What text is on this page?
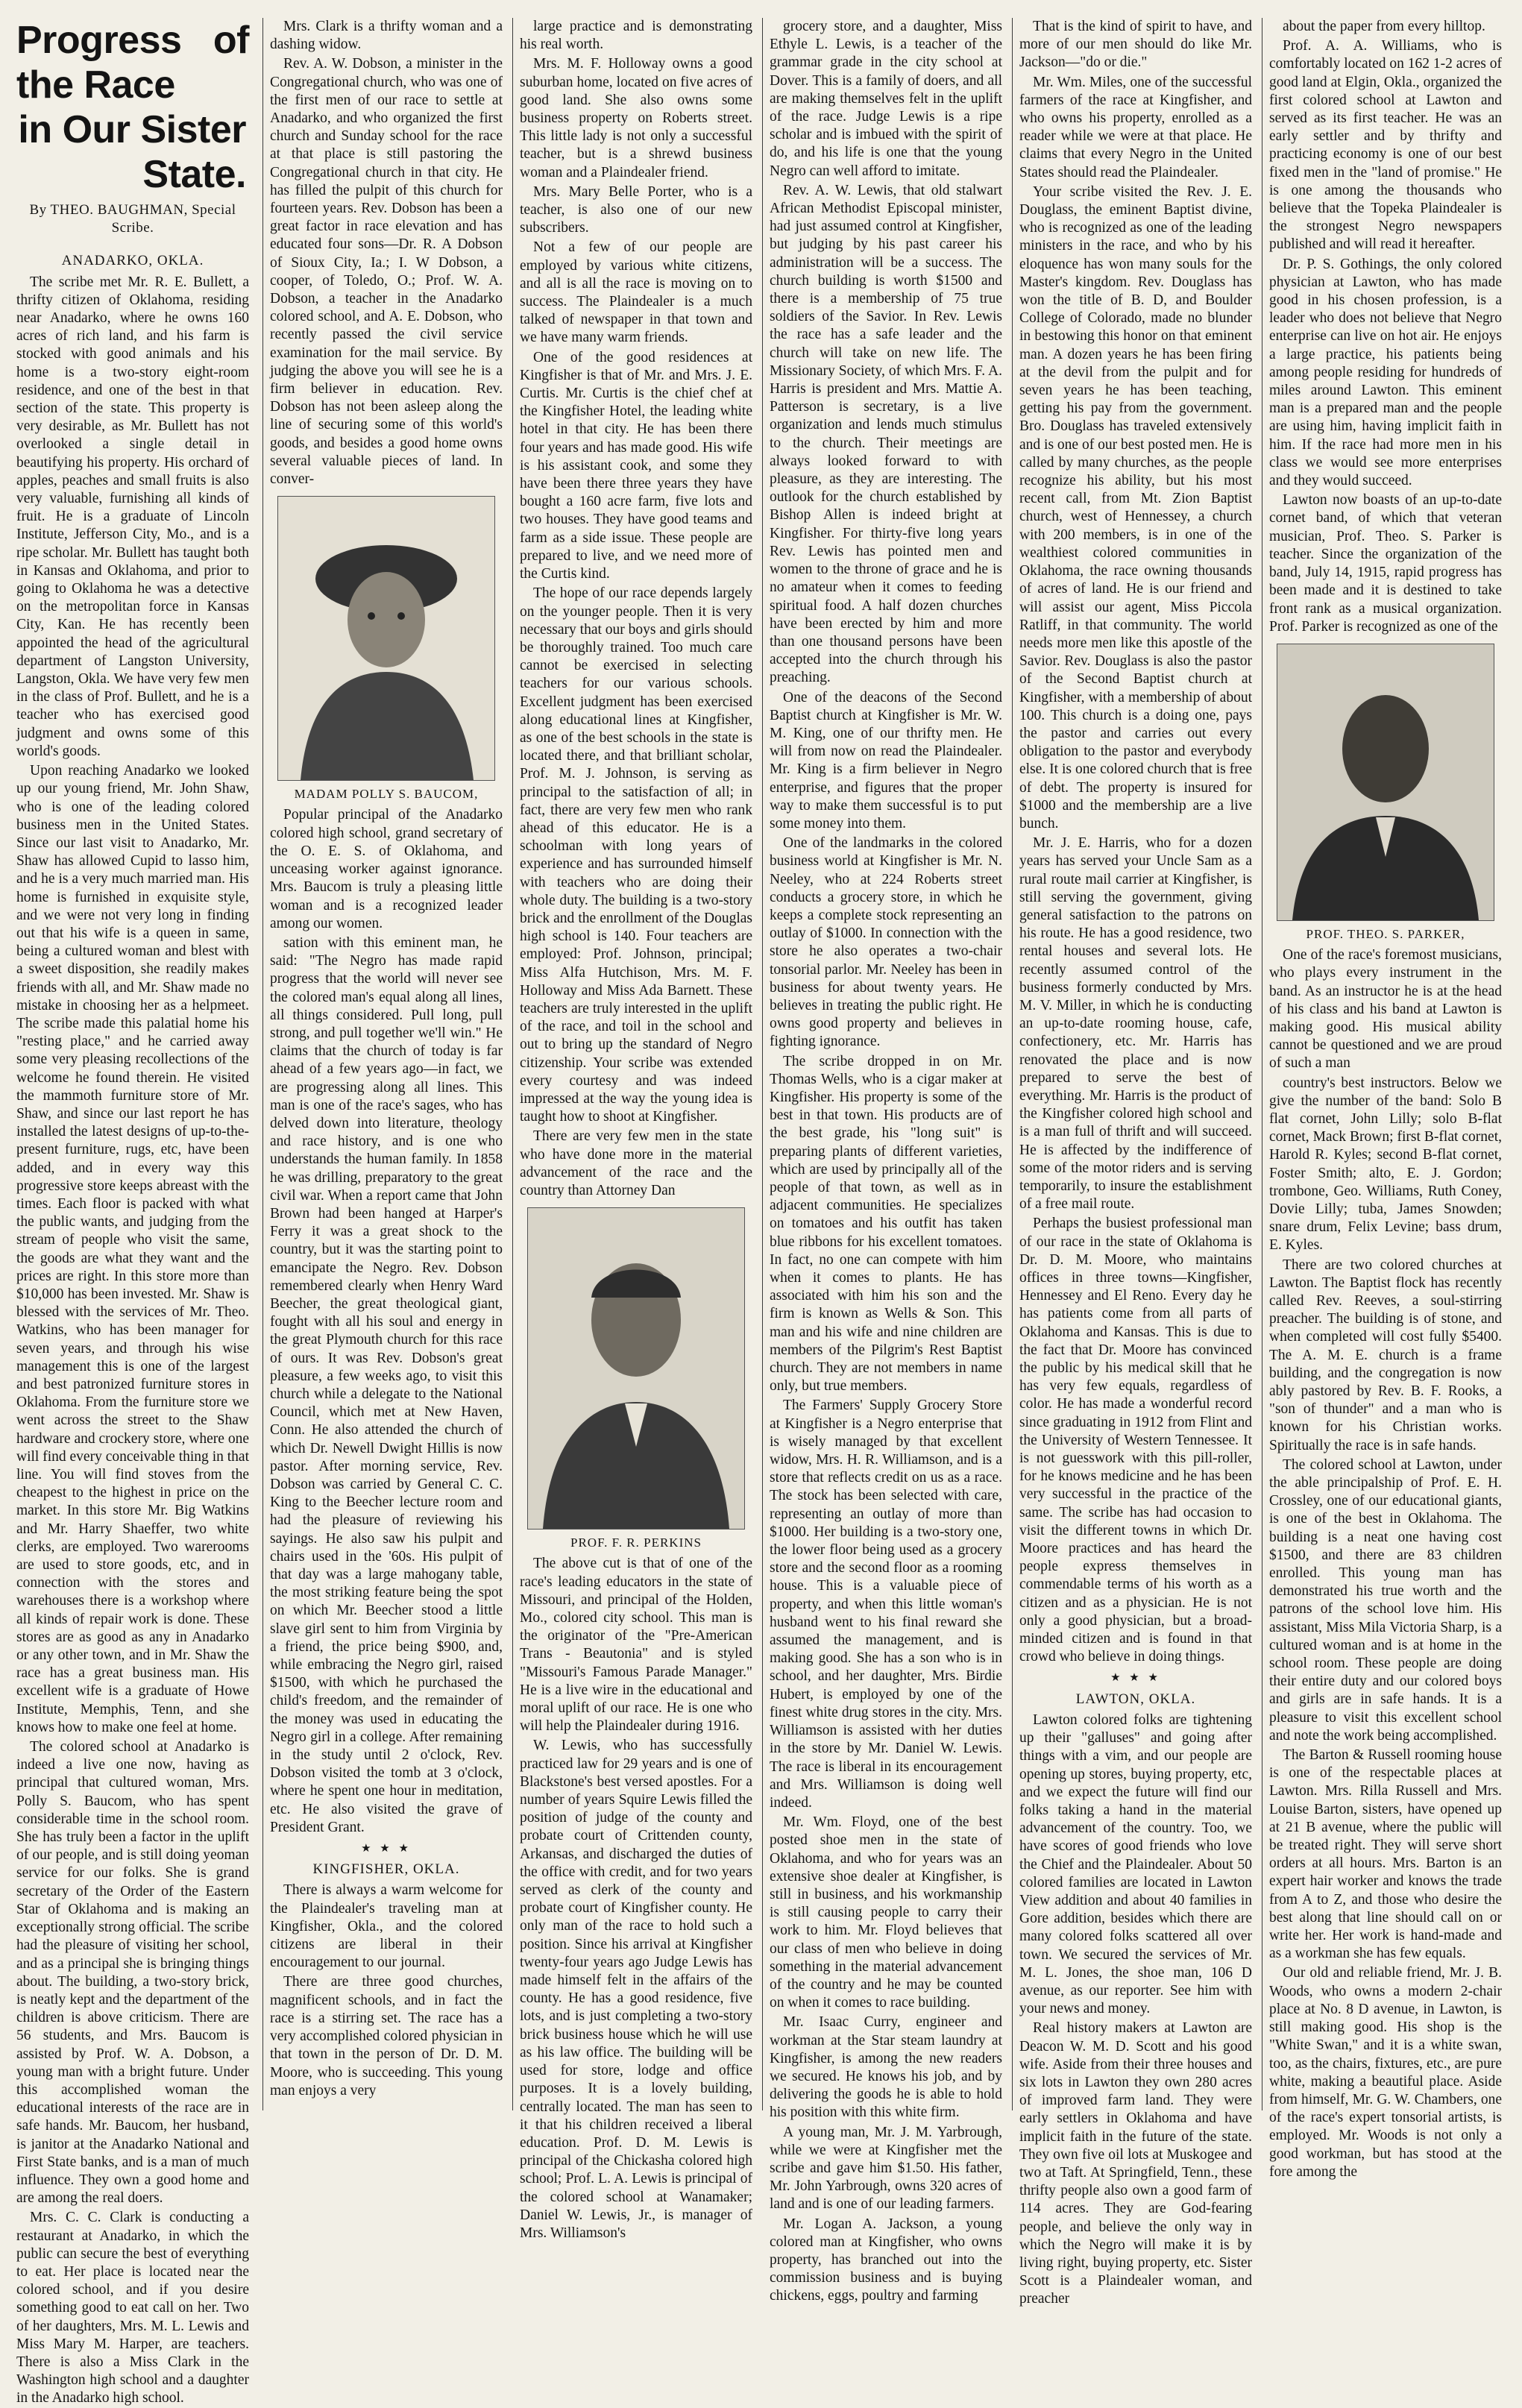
Progress of the Race
in Our Sister State.
By THEO. BAUGHMAN, Special Scribe.
ANADARKO, OKLA.

The scribe met Mr. R. E. Bullett, a thrifty citizen of Oklahoma, residing near Anadarko, where he owns 160 acres of rich land, and his farm is stocked with good animals and his home is a two-story eight-room residence, and one of the best in that section of the state. This property is very desirable, as Mr. Bullett has not overlooked a single detail in beautifying his property. His orchard of apples, peaches and small fruits is also very valuable, furnishing all kinds of fruit. He is a graduate of Lincoln Institute, Jefferson City, Mo., and is a ripe scholar. Mr. Bullett has taught both in Kansas and Oklahoma, and prior to going to Oklahoma he was a detective on the metropolitan force in Kansas City, Kan. He has recently been appointed the head of the agricultural department of Langston University, Langston, Okla. We have very few men in the class of Prof. Bullett, and he is a teacher who has exercised good judgment and owns some of this world's goods.

Upon reaching Anadarko we looked up our young friend, Mr. John Shaw, who is one of the leading colored business men in the United States. Since our last visit to Anadarko, Mr. Shaw has allowed Cupid to lasso him, and he is a very much married man. His home is furnished in exquisite style, and we were not very long in finding out that his wife is a queen in same, being a cultured woman and blest with a sweet disposition, she readily makes friends with all, and Mr. Shaw made no mistake in choosing her as a helpmeet. The scribe made this palatial home his "resting place," and he carried away some very pleasing recollections of the welcome he found therein. He visited the mammoth furniture store of Mr. Shaw, and since our last report he has installed the latest designs of up-to-the-present furniture, rugs, etc, have been added, and in every way this progressive store keeps abreast with the times. Each floor is packed with what the public wants, and judging from the stream of people who visit the same, the goods are what they want and the prices are right. In this store more than $10,000 has been invested. Mr. Shaw is blessed with the services of Mr. Theo. Watkins, who has been manager for seven years, and through his wise management this is one of the largest and best patronized furniture stores in Oklahoma. From the furniture store we went across the street to the Shaw hardware and crockery store, where one will find every conceivable thing in that line. You will find stoves from the cheapest to the highest in price on the market. In this store Mr. Big Watkins and Mr. Harry Shaeffer, two white clerks, are employed. Two warerooms are used to store goods, etc, and in connection with the stores and warehouses there is a workshop where all kinds of repair work is done. These stores are as good as any in Anadarko or any other town, and in Mr. Shaw the race has a great business man. His excellent wife is a graduate of Howe Institute, Memphis, Tenn, and she knows how to make one feel at home.

The colored school at Anadarko is indeed a live one now, having as principal that cultured woman, Mrs. Polly S. Baucom, who has spent considerable time in the school room. She has truly been a factor in the uplift of our people, and is still doing yeoman service for our folks. She is grand secretary of the Order of the Eastern Star of Oklahoma and is making an exceptionally strong official. The scribe had the pleasure of visiting her school, and as a principal she is bringing things about. The building, a two-story brick, is neatly kept and the department of the children is above criticism. There are 56 students, and Mrs. Baucom is assisted by Prof. W. A. Dobson, a young man with a bright future. Under this accomplished woman the educational interests of the race are in safe hands. Mr. Baucom, her husband, is janitor at the Anadarko National and First State banks, and is a man of much influence. They own a good home and are among the real doers.

Mrs. C. C. Clark is conducting a restaurant at Anadarko, in which the public can secure the best of everything to eat. Her place is located near the colored school, and if you desire something good to eat call on her. Two of her daughters, Mrs. M. L. Lewis and Miss Mary M. Harper, are teachers. There is also a Miss Clark in the Washington high school and a daughter in the Anadarko high school.

Mrs. Clark is a thrifty woman and a dashing widow.

Rev. A. W. Dobson, a minister in the Congregational church, who was one of the first men of our race to settle at Anadarko, and who organized the first church and Sunday school for the race at that place is still pastoring the Congregational church in that city. He has filled the pulpit of this church for fourteen years. Rev. Dobson has been a great factor in race elevation and has educated four sons—Dr. R. A Dobson of Sioux City, Ia.; I. W Dobson, a cooper, of Toledo, O.; Prof. W. A. Dobson, a teacher in the Anadarko colored school, and A. E. Dobson, who recently passed the civil service examination for the mail service. By judging the above you will see he is a firm believer in education. Rev. Dobson has not been asleep along the line of securing some of this world's goods, and besides a good home owns several valuable pieces of land. In conver-

MADAM POLLY S. BAUCOM,

Popular principal of the Anadarko colored high school, grand secretary of the O. E. S. of Oklahoma, and unceasing worker against ignorance. Mrs. Baucom is truly a pleasing little woman and is a recognized leader among our women.

sation with this eminent man, he said: "The Negro has made rapid progress that the world will never see the colored man's equal along all lines, all things considered. Pull long, pull strong, and pull together we'll win." He claims that the church of today is far ahead of a few years ago—in fact, we are progressing along all lines. This man is one of the race's sages, who has delved down into literature, theology and race history, and is one who understands the human family. In 1858 he was drilling, preparatory to the great civil war. When a report came that John Brown had been hanged at Harper's Ferry it was a great shock to the country, but it was the starting point to emancipate the Negro. Rev. Dobson remembered clearly when Henry Ward Beecher, the great theological giant, fought with all his soul and energy in the great Plymouth church for this race of ours. It was Rev. Dobson's great pleasure, a few weeks ago, to visit this church while a delegate to the National Council, which met at New Haven, Conn. He also attended the church of which Dr. Newell Dwight Hillis is now pastor. After morning service, Rev. Dobson was carried by General C. C. King to the Beecher lecture room and had the pleasure of reviewing his sayings. He also saw his pulpit and chairs used in the '60s. His pulpit of that day was a large mahogany table, the most striking feature being the spot on which Mr. Beecher stood a little slave girl sent to him from Virginia by a friend, the price being $900, and, while embracing the Negro girl, raised $1500, with which he purchased the child's freedom, and the remainder of the money was used in educating the Negro girl in a college. After remaining in the study until 2 o'clock, Rev. Dobson visited the tomb at 3 o'clock, where he spent one hour in meditation, etc. He also visited the grave of President Grant.

★ ★ ★
KINGFISHER, OKLA.

There is always a warm welcome for the Plaindealer's traveling man at Kingfisher, Okla., and the colored citizens are liberal in their encouragement to our journal.

There are three good churches, magnificent schools, and in fact the race is a stirring set. The race has a very accomplished colored physician in that town in the person of Dr. D. M. Moore, who is succeeding. This young man enjoys a very

large practice and is demonstrating his real worth.

Mrs. M. F. Holloway owns a good suburban home, located on five acres of good land. She also owns some business property on Roberts street. This little lady is not only a successful teacher, but is a shrewd business woman and a Plaindealer friend.

Mrs. Mary Belle Porter, who is a teacher, is also one of our new subscribers.

Not a few of our people are employed by various white citizens, and all is all the race is moving on to success. The Plaindealer is a much talked of newspaper in that town and we have many warm friends.

One of the good residences at Kingfisher is that of Mr. and Mrs. J. E. Curtis. Mr. Curtis is the chief chef at the Kingfisher Hotel, the leading white hotel in that city. He has been there four years and has made good. His wife is his assistant cook, and some they have been there three years they have bought a 160 acre farm, five lots and two houses. They have good teams and farm as a side issue. These people are prepared to live, and we need more of the Curtis kind.

The hope of our race depends largely on the younger people. Then it is very necessary that our boys and girls should be thoroughly trained. Too much care cannot be exercised in selecting teachers for our various schools. Excellent judgment has been exercised along educational lines at Kingfisher, as one of the best schools in the state is located there, and that brilliant scholar, Prof. M. J. Johnson, is serving as principal to the satisfaction of all; in fact, there are very few men who rank ahead of this educator. He is a schoolman with long years of experience and has surrounded himself with teachers who are doing their whole duty. The building is a two-story brick and the enrollment of the Douglas high school is 140. Four teachers are employed: Prof. Johnson, principal; Miss Alfa Hutchison, Mrs. M. F. Holloway and Miss Ada Barnett. These teachers are truly interested in the uplift of the race, and toil in the school and out to bring up the standard of Negro citizenship. Your scribe was extended every courtesy and was indeed impressed at the way the young idea is taught how to shoot at Kingfisher.

There are very few men in the state who have done more in the material advancement of the race and the country than Attorney Dan

PROF. F. R. PERKINS

The above cut is that of one of the race's leading educators in the state of Missouri, and principal of the Holden, Mo., colored city school. This man is the originator of the "Pre-American Trans - Beautonia" and is styled "Missouri's Famous Parade Manager." He is a live wire in the educational and moral uplift of our race. He is one who will help the Plaindealer during 1916.

W. Lewis, who has successfully practiced law for 29 years and is one of Blackstone's best versed apostles. For a number of years Squire Lewis filled the position of judge of the county and probate court of Crittenden county, Arkansas, and discharged the duties of the office with credit, and for two years served as clerk of the county and probate court of Kingfisher county. He only man of the race to hold such a position. Since his arrival at Kingfisher twenty-four years ago Judge Lewis has made himself felt in the affairs of the county. He has a good residence, five lots, and is just completing a two-story brick business house which he will use as his law office. The building will be used for store, lodge and office purposes. It is a lovely building, centrally located. The man has seen to it that his children received a liberal education. Prof. D. M. Lewis is principal of the Chickasha colored high school; Prof. L. A. Lewis is principal of the colored school at Wanamaker; Daniel W. Lewis, Jr., is manager of Mrs. Williamson's

grocery store, and a daughter, Miss Ethyle L. Lewis, is a teacher of the grammar grade in the city school at Dover. This is a family of doers, and all are making themselves felt in the uplift of the race. Judge Lewis is a ripe scholar and is imbued with the spirit of do, and his life is one that the young Negro can well afford to imitate.

Rev. A. W. Lewis, that old stalwart African Methodist Episcopal minister, had just assumed control at Kingfisher, but judging by his past career his administration will be a success. The church building is worth $1500 and there is a membership of 75 true soldiers of the Savior. In Rev. Lewis the race has a safe leader and the church will take on new life. The Missionary Society, of which Mrs. F. A. Harris is president and Mrs. Mattie A. Patterson is secretary, is a live organization and lends much stimulus to the church. Their meetings are always looked forward to with pleasure, as they are interesting. The outlook for the church established by Bishop Allen is indeed bright at Kingfisher. For thirty-five long years Rev. Lewis has pointed men and women to the throne of grace and he is no amateur when it comes to feeding spiritual food. A half dozen churches have been erected by him and more than one thousand persons have been accepted into the church through his preaching.

One of the deacons of the Second Baptist church at Kingfisher is Mr. W. M. King, one of our thrifty men. He will from now on read the Plaindealer. Mr. King is a firm believer in Negro enterprise, and figures that the proper way to make them successful is to put some money into them.

One of the landmarks in the colored business world at Kingfisher is Mr. N. Neeley, who at 224 Roberts street conducts a grocery store, in which he keeps a complete stock representing an outlay of $1000. In connection with the store he also operates a two-chair tonsorial parlor. Mr. Neeley has been in business for about twenty years. He believes in treating the public right. He owns good property and believes in fighting ignorance.

The scribe dropped in on Mr. Thomas Wells, who is a cigar maker at Kingfisher. His property is some of the best in that town. His products are of the best grade, his "long suit" is preparing plants of different varieties, which are used by principally all of the people of that town, as well as in adjacent communities. He specializes on tomatoes and his outfit has taken blue ribbons for his excellent tomatoes. In fact, no one can compete with him when it comes to plants. He has associated with him his son and the firm is known as Wells & Son. This man and his wife and nine children are members of the Pilgrim's Rest Baptist church. They are not members in name only, but true members.

The Farmers' Supply Grocery Store at Kingfisher is a Negro enterprise that is wisely managed by that excellent widow, Mrs. H. R. Williamson, and is a store that reflects credit on us as a race. The stock has been selected with care, representing an outlay of more than $1000. Her building is a two-story one, the lower floor being used as a grocery store and the second floor as a rooming house. This is a valuable piece of property, and when this little woman's husband went to his final reward she assumed the management, and is making good. She has a son who is in school, and her daughter, Mrs. Birdie Hubert, is employed by one of the finest white drug stores in the city. Mrs. Williamson is assisted with her duties in the store by Mr. Daniel W. Lewis. The race is liberal in its encouragement and Mrs. Williamson is doing well indeed.

Mr. Wm. Floyd, one of the best posted shoe men in the state of Oklahoma, and who for years was an extensive shoe dealer at Kingfisher, is still in business, and his workmanship is still causing people to carry their work to him. Mr. Floyd believes that our class of men who believe in doing something in the material advancement of the country and he may be counted on when it comes to race building.

Mr. Isaac Curry, engineer and workman at the Star steam laundry at Kingfisher, is among the new readers we secured. He knows his job, and by delivering the goods he is able to hold his position with this white firm.

A young man, Mr. J. M. Yarbrough, while we were at Kingfisher met the scribe and gave him $1.50. His father, Mr. John Yarbrough, owns 320 acres of land and is one of our leading farmers.

Mr. Logan A. Jackson, a young colored man at Kingfisher, who owns property, has branched out into the commission business and is buying chickens, eggs, poultry and farming

That is the kind of spirit to have, and more of our men should do like Mr. Jackson—"do or die."

Mr. Wm. Miles, one of the successful farmers of the race at Kingfisher, and who owns his property, enrolled as a reader while we were at that place. He claims that every Negro in the United States should read the Plaindealer.

Your scribe visited the Rev. J. E. Douglass, the eminent Baptist divine, who is recognized as one of the leading ministers in the race, and who by his eloquence has won many souls for the Master's kingdom. Rev. Douglass has won the title of B. D, and Boulder College of Colorado, made no blunder in bestowing this honor on that eminent man. A dozen years he has been firing at the devil from the pulpit and for seven years he has been teaching, getting his pay from the government. Bro. Douglass has traveled extensively and is one of our best posted men. He is called by many churches, as the people recognize his ability, but his most recent call, from Mt. Zion Baptist church, west of Hennessey, a church with 200 members, is in one of the wealthiest colored communities in Oklahoma, the race owning thousands of acres of land. He is our friend and will assist our agent, Miss Piccola Ratliff, in that community. The world needs more men like this apostle of the Savior. Rev. Douglass is also the pastor of the Second Baptist church at Kingfisher, with a membership of about 100. This church is a doing one, pays the pastor and carries out every obligation to the pastor and everybody else. It is one colored church that is free of debt. The property is insured for $1000 and the membership are a live bunch.

Mr. J. E. Harris, who for a dozen years has served your Uncle Sam as a rural route mail carrier at Kingfisher, is still serving the government, giving general satisfaction to the patrons on his route. He has a good residence, two rental houses and several lots. He recently assumed control of the business formerly conducted by Mrs. M. V. Miller, in which he is conducting an up-to-date rooming house, cafe, confectionery, etc. Mr. Harris has renovated the place and is now prepared to serve the best of everything. Mr. Harris is the product of the Kingfisher colored high school and is a man full of thrift and will succeed. He is affected by the indifference of some of the motor riders and is serving temporarily, to insure the establishment of a free mail route.

Perhaps the busiest professional man of our race in the state of Oklahoma is Dr. D. M. Moore, who maintains offices in three towns—Kingfisher, Hennessey and El Reno. Every day he has patients come from all parts of Oklahoma and Kansas. This is due to the fact that Dr. Moore has convinced the public by his medical skill that he has very few equals, regardless of color. He has made a wonderful record since graduating in 1912 from Flint and the University of Western Tennessee. It is not guesswork with this pill-roller, for he knows medicine and he has been very successful in the practice of the same. The scribe has had occasion to visit the different towns in which Dr. Moore practices and has heard the people express themselves in commendable terms of his worth as a citizen and as a physician. He is not only a good physician, but a broad-minded citizen and is found in that crowd who believe in doing things.

★ ★ ★
LAWTON, OKLA.

Lawton colored folks are tightening up their "galluses" and going after things with a vim, and our people are opening up stores, buying property, etc, and we expect the future will find our folks taking a hand in the material advancement of the country. Too, we have scores of good friends who love the Chief and the Plaindealer. About 50 colored families are located in Lawton View addition and about 40 families in Gore addition, besides which there are many colored folks scattered all over town. We secured the services of Mr. M. L. Jones, the shoe man, 106 D avenue, as our reporter. See him with your news and money.

Real history makers at Lawton are Deacon W. M. D. Scott and his good wife. Aside from their three houses and six lots in Lawton they own 280 acres of improved farm land. They were early settlers in Oklahoma and have implicit faith in the future of the state. They own five oil lots at Muskogee and two at Taft. At Springfield, Tenn., these thrifty people also own a good farm of 114 acres. They are God-fearing people, and believe the only way in which the Negro will make it is by living right, buying property, etc. Sister Scott is a Plaindealer woman, and preacher

about the paper from every hilltop.

Prof. A. A. Williams, who is comfortably located on 162 1-2 acres of good land at Elgin, Okla., organized the first colored school at Lawton and served as its first teacher. He was an early settler and by thrifty and practicing economy is one of our best fixed men in the "land of promise." He is one among the thousands who believe that the Topeka Plaindealer is the strongest Negro newspapers published and will read it hereafter.

Dr. P. S. Gothings, the only colored physician at Lawton, who has made good in his chosen profession, is a leader who does not believe that Negro enterprise can live on hot air. He enjoys a large practice, his patients being among people residing for hundreds of miles around Lawton. This eminent man is a prepared man and the people are using him, having implicit faith in him. If the race had more men in his class we would see more enterprises and they would succeed.

Lawton now boasts of an up-to-date cornet band, of which that veteran musician, Prof. Theo. S. Parker is teacher. Since the organization of the band, July 14, 1915, rapid progress has been made and it is destined to take front rank as a musical organization. Prof. Parker is recognized as one of the

PROF. THEO. S. PARKER,

One of the race's foremost musicians, who plays every instrument in the band. As an instructor he is at the head of his class and his band at Lawton is making good. His musical ability cannot be questioned and we are proud of such a man

country's best instructors. Below we give the number of the band: Solo B flat cornet, John Lilly; solo B-flat cornet, Mack Brown; first B-flat cornet, Harold R. Kyles; second B-flat cornet, Foster Smith; alto, E. J. Gordon; trombone, Geo. Williams, Ruth Coney, Dovie Lilly; tuba, James Snowden; snare drum, Felix Levine; bass drum, E. Kyles.

There are two colored churches at Lawton. The Baptist flock has recently called Rev. Reeves, a soul-stirring preacher. The building is of stone, and when completed will cost fully $5400. The A. M. E. church is a frame building, and the congregation is now ably pastored by Rev. B. F. Rooks, a "son of thunder" and a man who is known for his Christian works. Spiritually the race is in safe hands.

The colored school at Lawton, under the able principalship of Prof. E. H. Crossley, one of our educational giants, is one of the best in Oklahoma. The building is a neat one having cost $1500, and there are 83 children enrolled. This young man has demonstrated his true worth and the patrons of the school love him. His assistant, Miss Mila Victoria Sharp, is a cultured woman and is at home in the school room. These people are doing their entire duty and our colored boys and girls are in safe hands. It is a pleasure to visit this excellent school and note the work being accomplished.

The Barton & Russell rooming house is one of the respectable places at Lawton. Mrs. Rilla Russell and Mrs. Louise Barton, sisters, have opened up at 21 B avenue, where the public will be treated right. They will serve short orders at all hours. Mrs. Barton is an expert hair worker and knows the trade from A to Z, and those who desire the best along that line should call on or write her. Her work is hand-made and as a workman she has few equals.

Our old and reliable friend, Mr. J. B. Woods, who owns a modern 2-chair place at No. 8 D avenue, in Lawton, is still making good. His shop is the "White Swan," and it is a white swan, too, as the chairs, fixtures, etc., are pure white, making a beautiful place. Aside from himself, Mr. G. W. Chambers, one of the race's expert tonsorial artists, is employed. Mr. Woods is not only a good workman, but has stood at the fore among the
